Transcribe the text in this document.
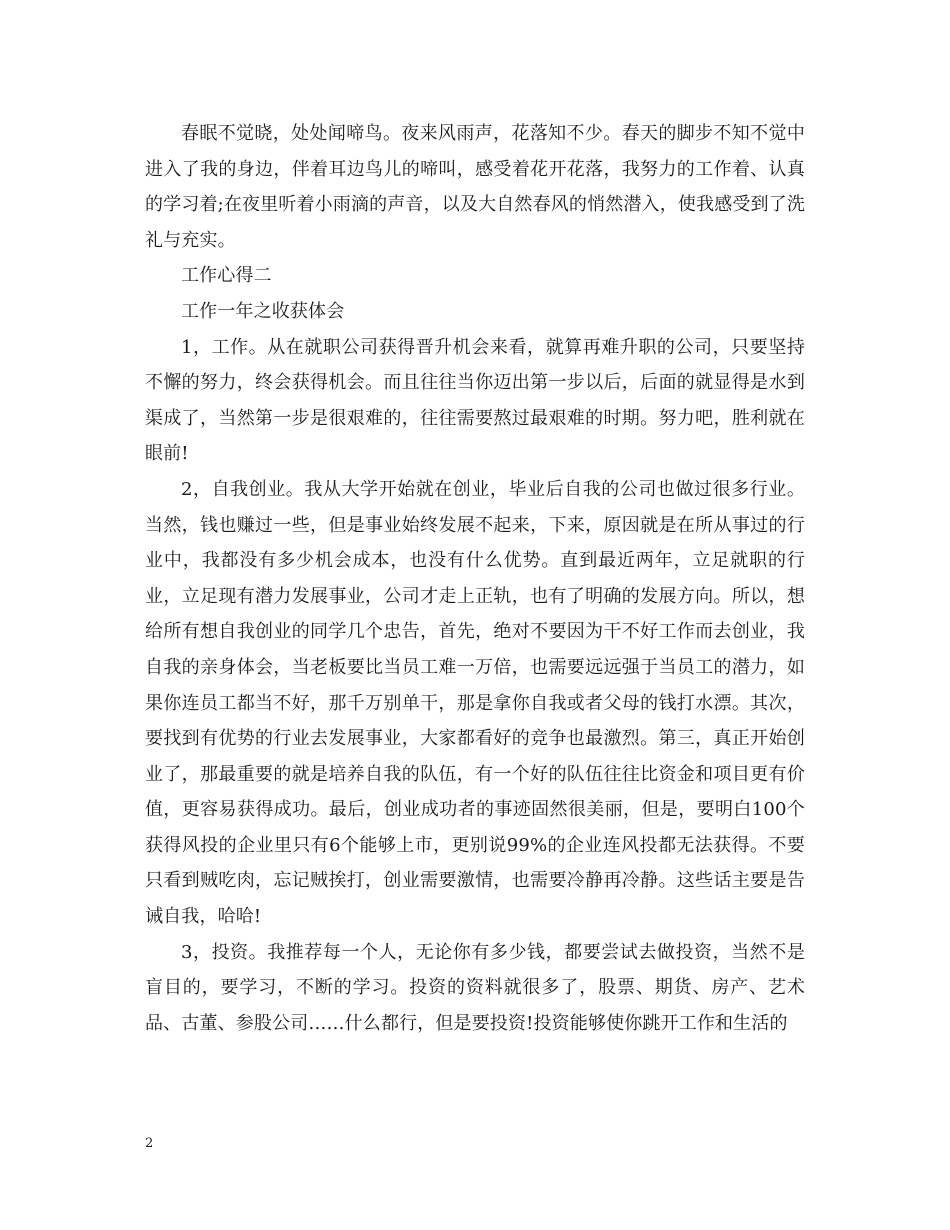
春眠不觉晓，处处闻啼鸟。夜来风雨声，花落知不少。春天的脚步不知不觉中进入了我的身边，伴着耳边鸟儿的啼叫，感受着花开花落，我努力的工作着、认真的学习着;在夜里听着小雨滴的声音，以及大自然春风的悄然潜入，使我感受到了洗礼与充实。

工作心得二

工作一年之收获体会

1，工作。从在就职公司获得晋升机会来看，就算再难升职的公司，只要坚持不懈的努力，终会获得机会。而且往往当你迈出第一步以后，后面的就显得是水到渠成了，当然第一步是很艰难的，往往需要熬过最艰难的时期。努力吧，胜利就在眼前!

2，自我创业。我从大学开始就在创业，毕业后自我的公司也做过很多行业。当然，钱也赚过一些，但是事业始终发展不起来，下来，原因就是在所从事过的行业中，我都没有多少机会成本，也没有什么优势。直到最近两年，立足就职的行业，立足现有潜力发展事业，公司才走上正轨，也有了明确的发展方向。所以，想给所有想自我创业的同学几个忠告，首先，绝对不要因为干不好工作而去创业，我自我的亲身体会，当老板要比当员工难一万倍，也需要远远强于当员工的潜力，如果你连员工都当不好，那千万别单干，那是拿你自我或者父母的钱打水漂。其次，要找到有优势的行业去发展事业，大家都看好的竞争也最激烈。第三，真正开始创业了，那最重要的就是培养自我的队伍，有一个好的队伍往往比资金和项目更有价值，更容易获得成功。最后，创业成功者的事迹固然很美丽，但是，要明白100个获得风投的企业里只有6个能够上市，更别说99%的企业连风投都无法获得。不要只看到贼吃肉，忘记贼挨打，创业需要激情，也需要冷静再冷静。这些话主要是告诫自我，哈哈!

3，投资。我推荐每一个人，无论你有多少钱，都要尝试去做投资，当然不是盲目的，要学习，不断的学习。投资的资料就很多了，股票、期货、房产、艺术品、古董、参股公司……什么都行，但是要投资!投资能够使你跳开工作和生活的

2
